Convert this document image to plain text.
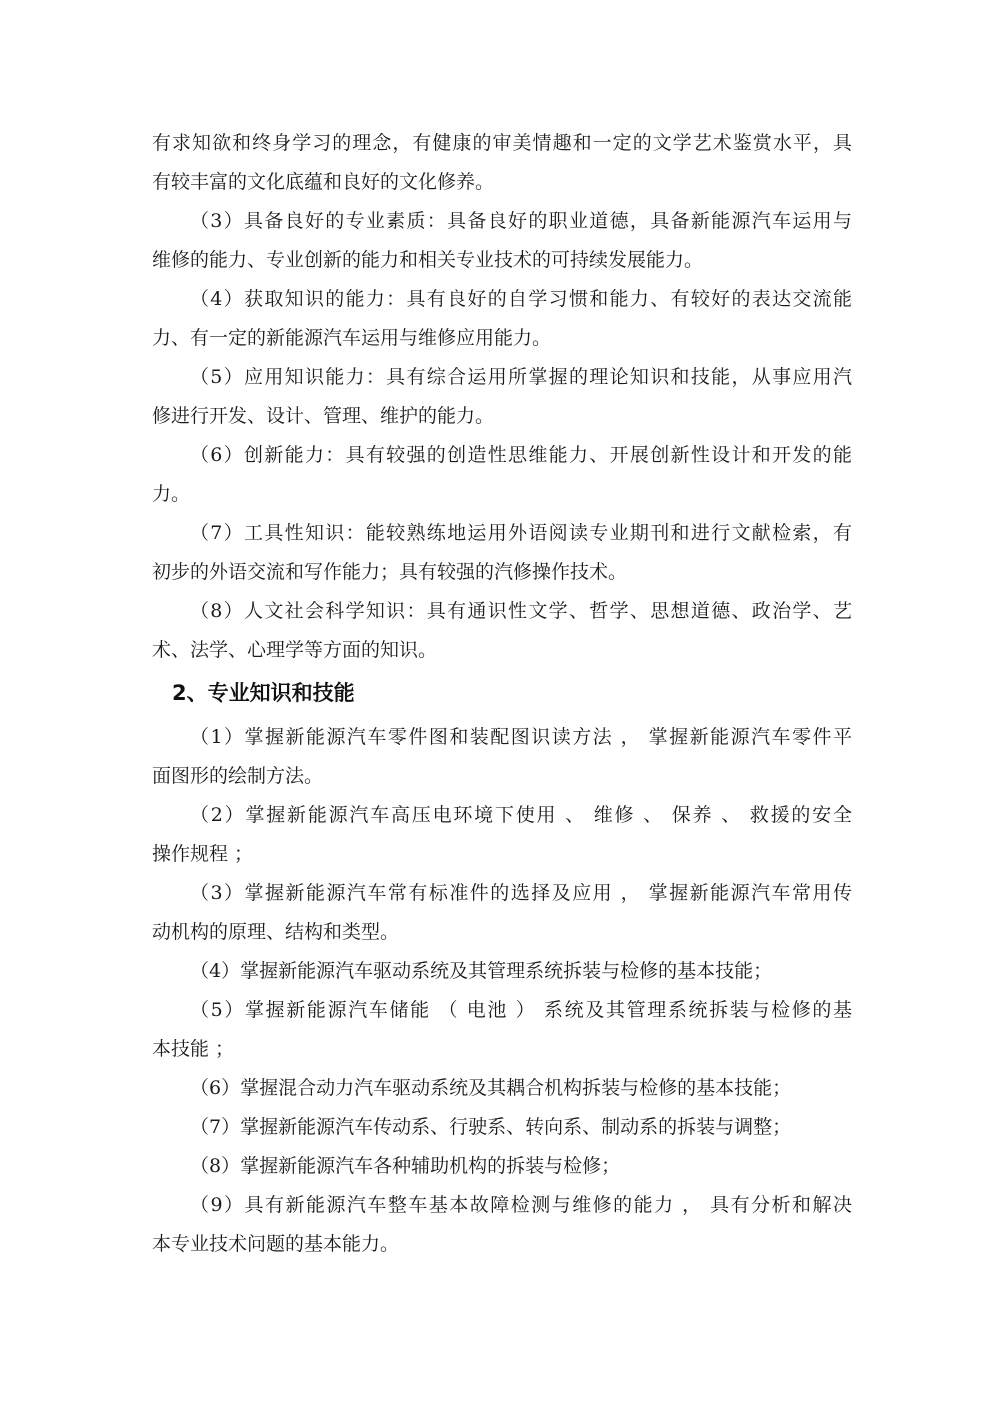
有求知欲和终身学习的理念，有健康的审美情趣和一定的文学艺术鉴赏水平，具
有较丰富的文化底蕴和良好的文化修养。
（3）具备良好的专业素质：具备良好的职业道德，具备新能源汽车运用与
维修的能力、专业创新的能力和相关专业技术的可持续发展能力。
（4）获取知识的能力：具有良好的自学习惯和能力、有较好的表达交流能
力、有一定的新能源汽车运用与维修应用能力。
（5）应用知识能力：具有综合运用所掌握的理论知识和技能，从事应用汽
修进行开发、设计、管理、维护的能力。
（6）创新能力：具有较强的创造性思维能力、开展创新性设计和开发的能
力。
（7）工具性知识：能较熟练地运用外语阅读专业期刊和进行文献检索，有
初步的外语交流和写作能力；具有较强的汽修操作技术。
（8）人文社会科学知识：具有通识性文学、哲学、思想道德、政治学、艺
术、法学、心理学等方面的知识。
2、专业知识和技能
（1）掌握新能源汽车零件图和装配图识读方法 ， 掌握新能源汽车零件平
面图形的绘制方法。
（2）掌握新能源汽车高压电环境下使用 、 维修 、 保养 、 救援的安全
操作规程 ；
（3）掌握新能源汽车常有标准件的选择及应用 ， 掌握新能源汽车常用传
动机构的原理、结构和类型。
（4）掌握新能源汽车驱动系统及其管理系统拆装与检修的基本技能；
（5）掌握新能源汽车储能 （ 电池 ） 系统及其管理系统拆装与检修的基
本技能 ；
（6）掌握混合动力汽车驱动系统及其耦合机构拆装与检修的基本技能；
（7）掌握新能源汽车传动系、行驶系、转向系、制动系的拆装与调整；
（8）掌握新能源汽车各种辅助机构的拆装与检修；
（9）具有新能源汽车整车基本故障检测与维修的能力 ， 具有分析和解决
本专业技术问题的基本能力。
